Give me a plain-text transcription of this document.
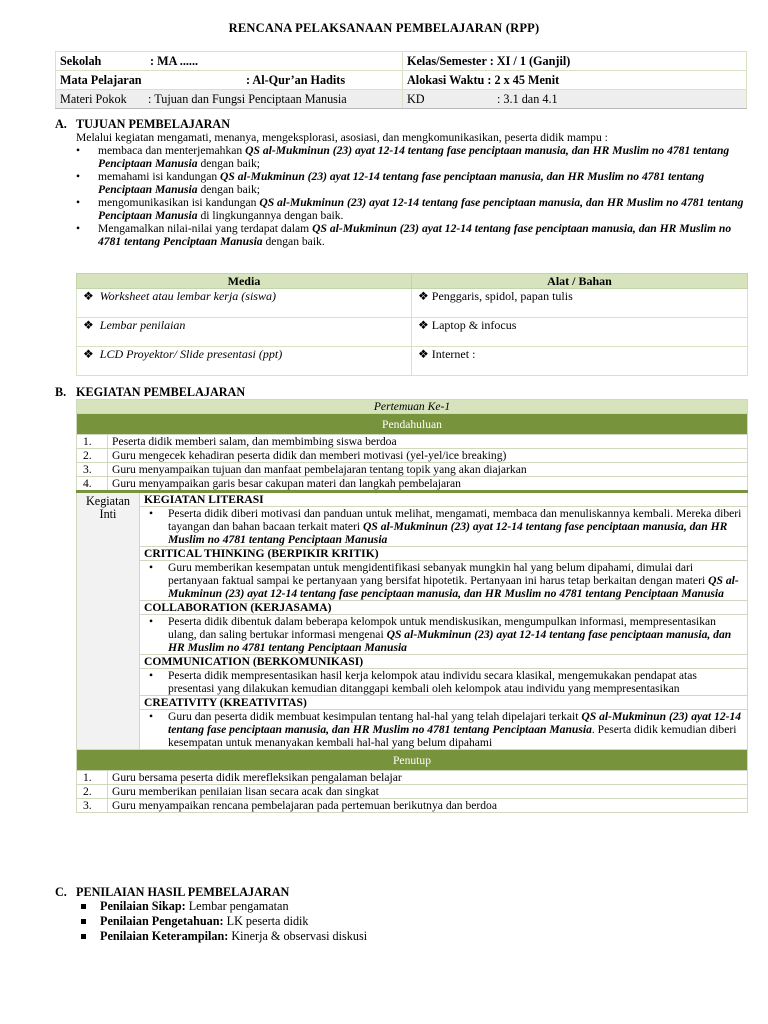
RENCANA PELAKSANAAN PEMBELAJARAN (RPP)
Sekolah : MA ......	Kelas/Semester : XI / 1 (Ganjil)
Mata Pelajaran : Al-Qur’an Hadits	Alokasi Waktu : 2 x 45 Menit
Materi Pokok : Tujuan dan Fungsi Penciptaan Manusia	KD : 3.1 dan 4.1
A. TUJUAN PEMBELAJARAN

Melalui kegiatan mengamati, menanya, mengeksplorasi, asosiasi, dan mengkomunikasikan, peserta didik mampu :

• membaca dan menterjemahkan QS al-Mukminun (23) ayat 12-14 tentang fase penciptaan manusia, dan HR Muslim no 4781 tentang Penciptaan Manusia dengan baik;
• memahami isi kandungan QS al-Mukminun (23) ayat 12-14 tentang fase penciptaan manusia, dan HR Muslim no 4781 tentang Penciptaan Manusia dengan baik;
• mengomunikasikan isi kandungan QS al-Mukminun (23) ayat 12-14 tentang fase penciptaan manusia, dan HR Muslim no 4781 tentang Penciptaan Manusia di lingkungannya dengan baik.
• Mengamalkan nilai-nilai yang terdapat dalam QS al-Mukminun (23) ayat 12-14 tentang fase penciptaan manusia, dan HR Muslim no 4781 tentang Penciptaan Manusia dengan baik.
Media	Alat / Bahan
❖ Worksheet atau lembar kerja (siswa)	❖ Penggaris, spidol, papan tulis
❖ Lembar penilaian	❖ Laptop & infocus
❖ LCD Proyektor/ Slide presentasi (ppt)	❖ Internet :
B. KEGIATAN PEMBELAJARAN
Pertemuan Ke-1		
Pendahuluan		
1.	Peserta didik memberi salam, dan membimbing siswa berdoa	
2.	Guru mengecek kehadiran peserta didik dan memberi motivasi (yel-yel/ice breaking)	
3.	Guru menyampaikan tujuan dan manfaat pembelajaran tentang topik yang akan diajarkan	
4.	Guru menyampaikan garis besar cakupan materi dan langkah pembelajaran	

Kegiatan
Inti		KEGIATAN LITERASI

		• Peserta didik diberi motivasi dan panduan untuk melihat, mengamati, membaca dan menuliskannya kembali. Mereka diberi tayangan dan bahan bacaan terkait materi QS al-Mukminun (23) ayat 12-14 tentang fase penciptaan manusia, dan HR Muslim no 4781 tentang Penciptaan Manusia

		CRITICAL THINKING (BERPIKIR KRITIK)

		• Guru memberikan kesempatan untuk mengidentifikasi sebanyak mungkin hal yang belum dipahami, dimulai dari pertanyaan faktual sampai ke pertanyaan yang bersifat hipotetik. Pertanyaan ini harus tetap berkaitan dengan materi QS al-Mukminun (23) ayat 12-14 tentang fase penciptaan manusia, dan HR Muslim no 4781 tentang Penciptaan Manusia

		COLLABORATION (KERJASAMA)

		• Peserta didik dibentuk dalam beberapa kelompok untuk mendiskusikan, mengumpulkan informasi, mempresentasikan ulang, dan saling bertukar informasi mengenai QS al-Mukminun (23) ayat 12-14 tentang fase penciptaan manusia, dan HR Muslim no 4781 tentang Penciptaan Manusia

		COMMUNICATION (BERKOMUNIKASI)

		• Peserta didik mempresentasikan hasil kerja kelompok atau individu secara klasikal, mengemukakan pendapat atas presentasi yang dilakukan kemudian ditanggapi kembali oleh kelompok atau individu yang mempresentasikan

		CREATIVITY (KREATIVITAS)

		• Guru dan peserta didik membuat kesimpulan tentang hal-hal yang telah dipelajari terkait QS al-Mukminun (23) ayat 12-14 tentang fase penciptaan manusia, dan HR Muslim no 4781 tentang Penciptaan Manusia. Peserta didik kemudian diberi kesempatan untuk menanyakan kembali hal-hal yang belum dipahami

Penutup		
1.	Guru bersama peserta didik merefleksikan pengalaman belajar	
2.	Guru memberikan penilaian lisan secara acak dan singkat	
3.	Guru menyampaikan rencana pembelajaran pada pertemuan berikutnya dan berdoa	
C. PENILAIAN HASIL PEMBELAJARAN
Penilaian Sikap: Lembar pengamatan
Penilaian Pengetahuan: LK peserta didik
Penilaian Keterampilan: Kinerja & observasi diskusi
